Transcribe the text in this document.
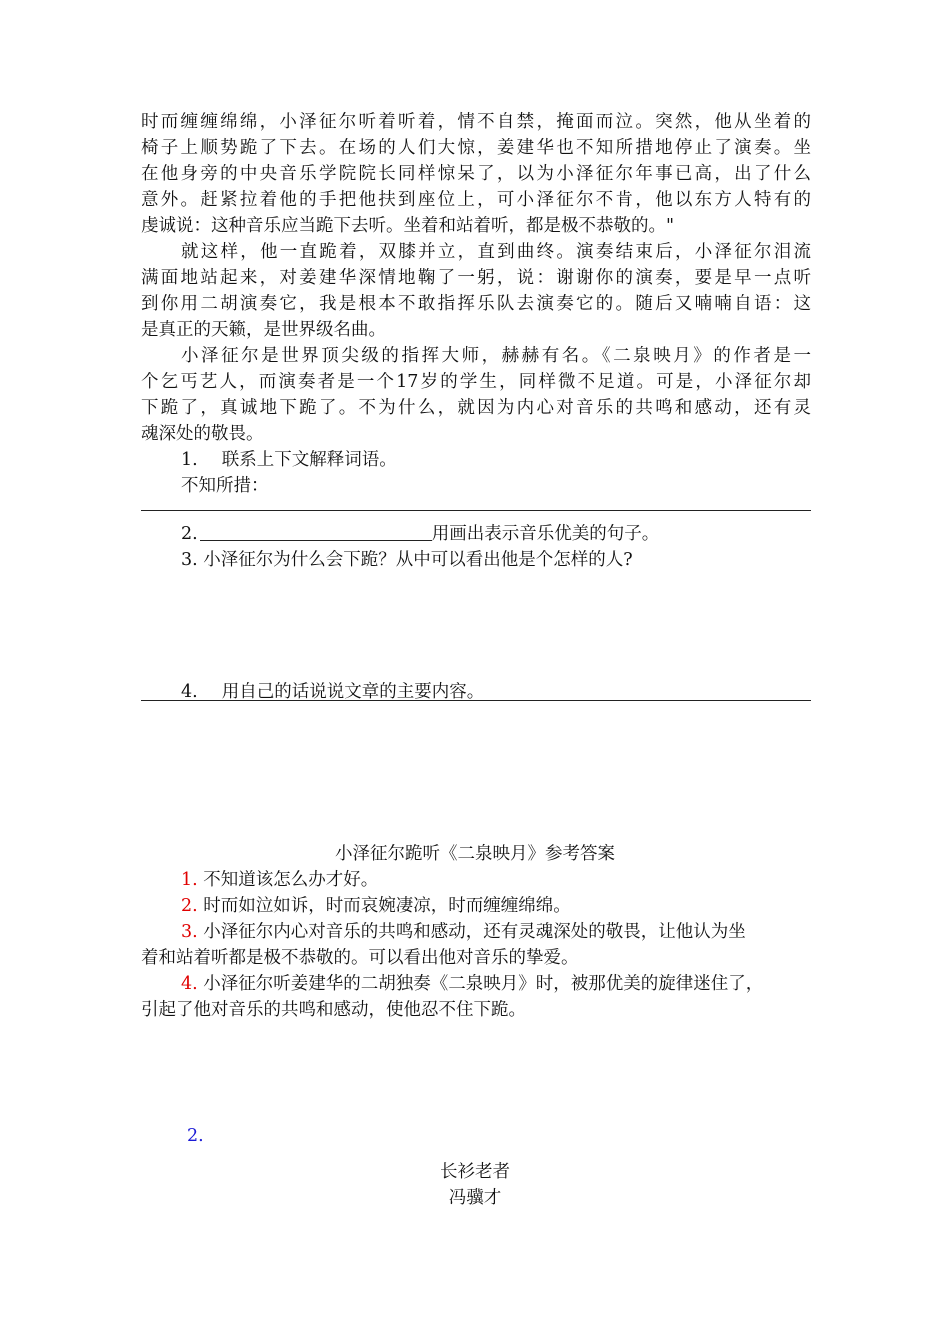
时而缠缠绵绵，小泽征尔听着听着，情不自禁，掩面而泣。突然，他从坐着的
椅子上顺势跪了下去。在场的人们大惊，姜建华也不知所措地停止了演奏。坐
在他身旁的中央音乐学院院长同样惊呆了，以为小泽征尔年事已高，出了什么
意外。赶紧拉着他的手把他扶到座位上，可小泽征尔不肯，他以东方人特有的
虔诚说：这种音乐应当跪下去听。坐着和站着听，都是极不恭敬的。"
就这样，他一直跪着，双膝并立，直到曲终。演奏结束后，小泽征尔泪流
满面地站起来，对姜建华深情地鞠了一躬，说：谢谢你的演奏，要是早一点听
到你用二胡演奏它，我是根本不敢指挥乐队去演奏它的。随后又喃喃自语：这
是真正的天籁，是世界级名曲。
小泽征尔是世界顶尖级的指挥大师，赫赫有名。《二泉映月》的作者是一
个乞丐艺人，而演奏者是一个17岁的学生，同样微不足道。可是，小泽征尔却
下跪了，真诚地下跪了。不为什么，就因为内心对音乐的共鸣和感动，还有灵
魂深处的敬畏。
1. 联系上下文解释词语。
不知所措：
2.	用画出表示音乐优美的句子。
3. 小泽征尔为什么会下跪？从中可以看出他是个怎样的人?
4. 用自己的话说说文章的主要内容。
小泽征尔跪听《二泉映月》参考答案
1. 不知道该怎么办才好。
2. 时而如泣如诉，时而哀婉凄凉，时而缠缠绵绵。
3. 小泽征尔内心对音乐的共鸣和感动，还有灵魂深处的敬畏，让他认为坐
着和站着听都是极不恭敬的。可以看出他对音乐的挚爱。
4. 小泽征尔听姜建华的二胡独奏《二泉映月》时，被那优美的旋律迷住了，
引起了他对音乐的共鸣和感动，使他忍不住下跪。
2.
长衫老者
冯骥才
